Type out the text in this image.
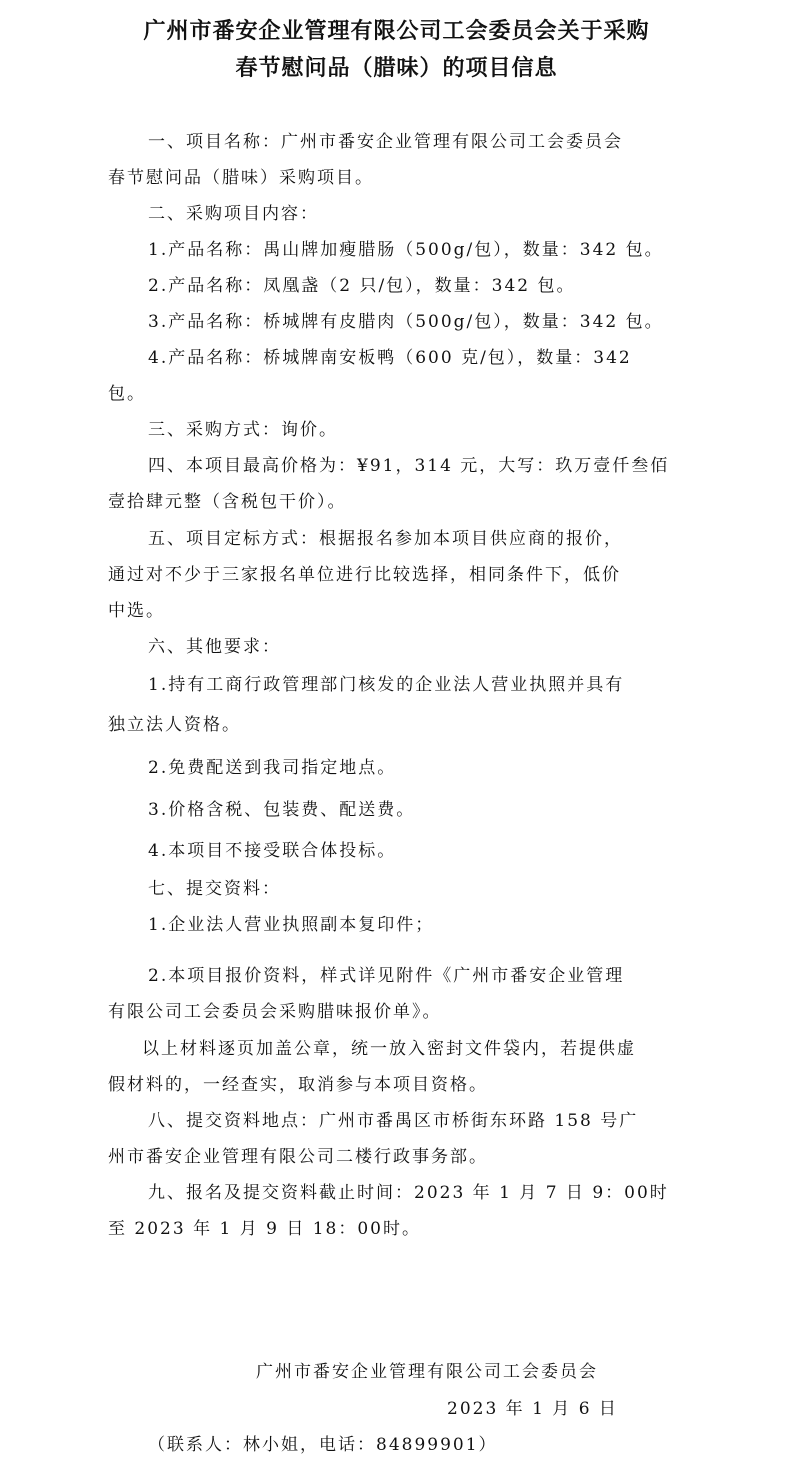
广州市番安企业管理有限公司工会委员会关于采购
春节慰问品（腊味）的项目信息
一、项目名称：广州市番安企业管理有限公司工会委员会
春节慰问品（腊味）采购项目。
二、采购项目内容：
1.产品名称：禺山牌加瘦腊肠（500g/包），数量：342 包。
2.产品名称：凤凰盏（2 只/包），数量：342 包。
3.产品名称：桥城牌有皮腊肉（500g/包），数量：342 包。
4.产品名称：桥城牌南安板鸭（600 克/包），数量：342
包。
三、采购方式：询价。
四、本项目最高价格为：¥91，314 元，大写：玖万壹仟叁佰
壹拾肆元整（含税包干价）。
五、项目定标方式：根据报名参加本项目供应商的报价，
通过对不少于三家报名单位进行比较选择，相同条件下，低价
中选。
六、其他要求：
1.持有工商行政管理部门核发的企业法人营业执照并具有
独立法人资格。
2.免费配送到我司指定地点。
3.价格含税、包装费、配送费。
4.本项目不接受联合体投标。
七、提交资料：
1.企业法人营业执照副本复印件；
2.本项目报价资料，样式详见附件《广州市番安企业管理
有限公司工会委员会采购腊味报价单》。
以上材料逐页加盖公章，统一放入密封文件袋内，若提供虚
假材料的，一经查实，取消参与本项目资格。
八、提交资料地点：广州市番禺区市桥街东环路 158 号广
州市番安企业管理有限公司二楼行政事务部。
九、报名及提交资料截止时间：2023 年 1 月 7 日 9：00时
至 2023 年 1 月 9 日 18：00时。
广州市番安企业管理有限公司工会委员会
2023 年 1 月 6 日
（联系人：林小姐，电话：84899901）
